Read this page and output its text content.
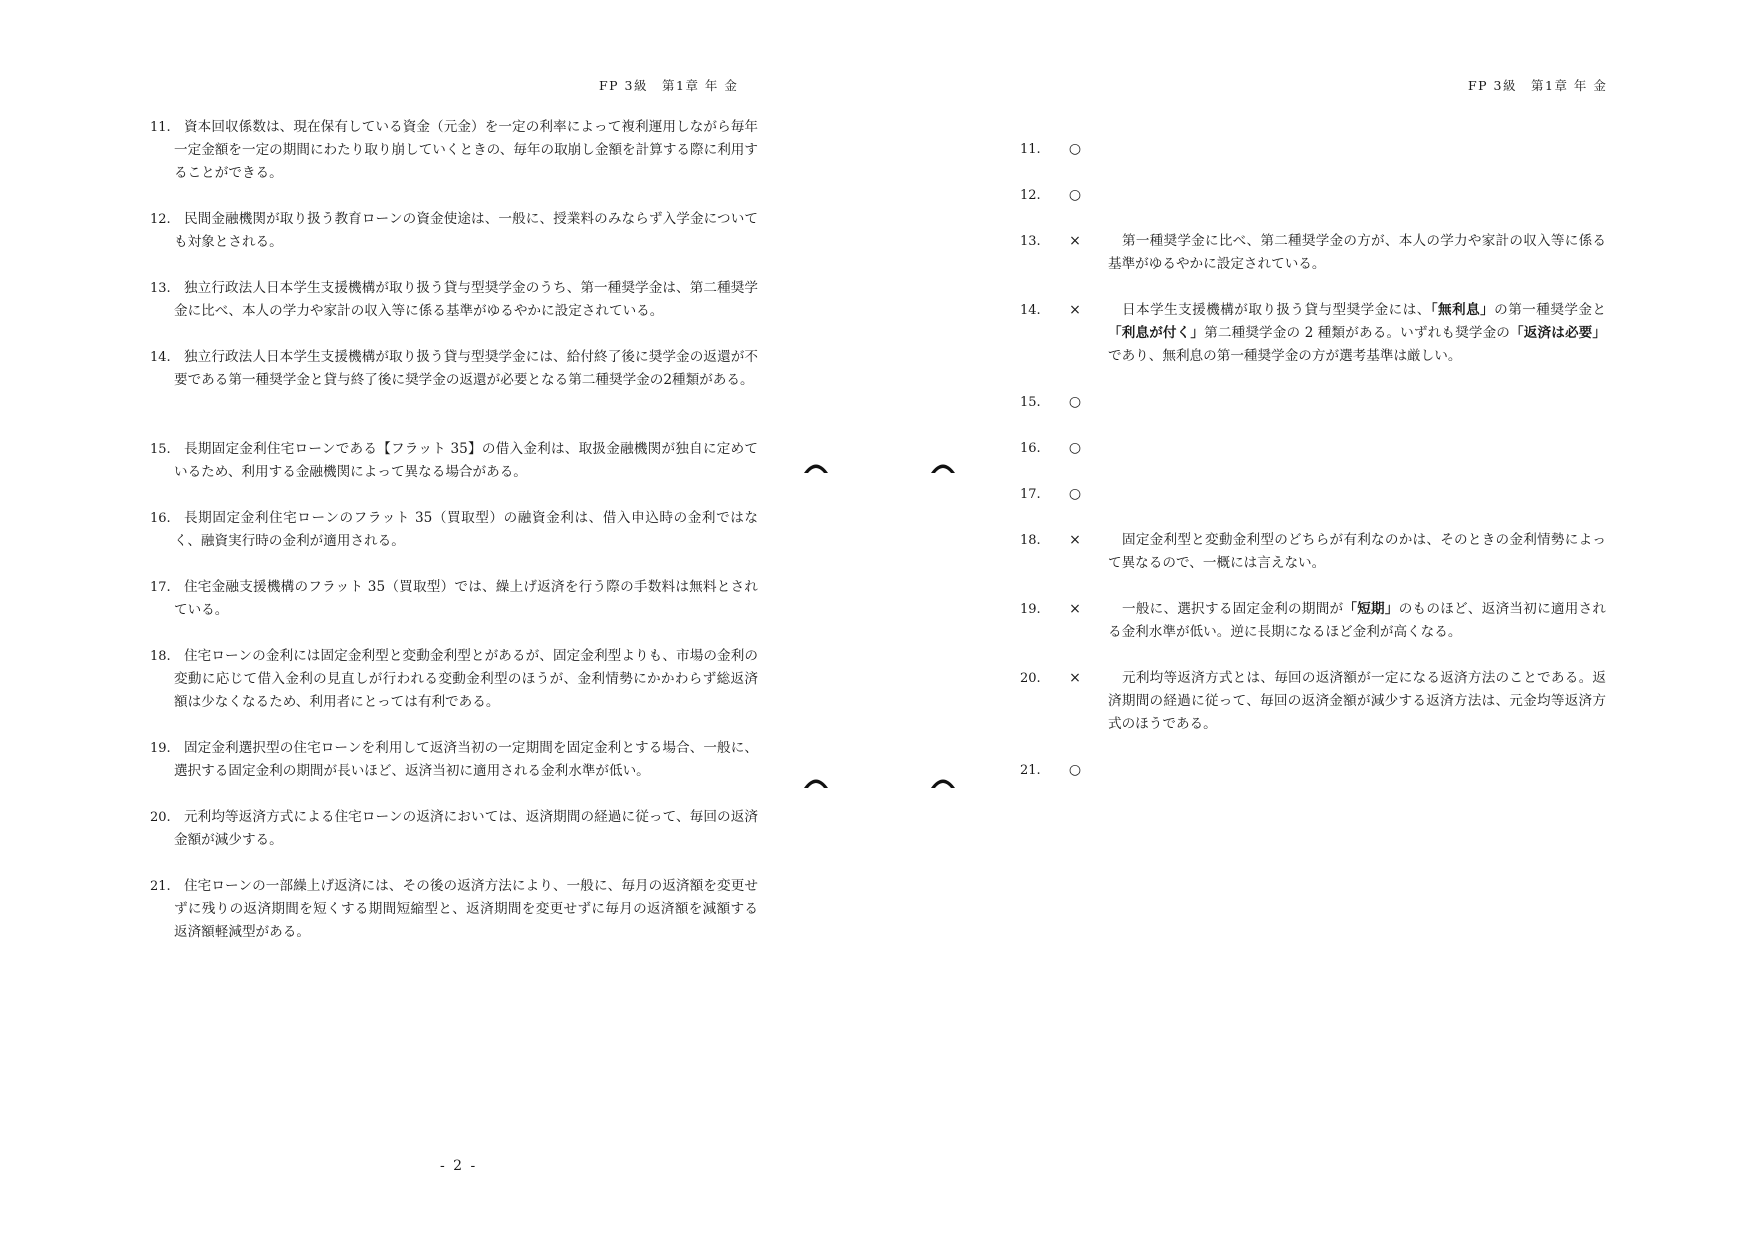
FP 3級　第1章 年 金
11. 資本回収係数は、現在保有している資金（元金）を一定の利率によって複利運用しながら毎年一定金額を一定の期間にわたり取り崩していくときの、毎年の取崩し金額を計算する際に利用することができる。
12. 民間金融機関が取り扱う教育ローンの資金使途は、一般に、授業料のみならず入学金についても対象とされる。
13. 独立行政法人日本学生支援機構が取り扱う貸与型奨学金のうち、第一種奨学金は、第二種奨学金に比べ、本人の学力や家計の収入等に係る基準がゆるやかに設定されている。
14. 独立行政法人日本学生支援機構が取り扱う貸与型奨学金には、給付終了後に奨学金の返還が不要である第一種奨学金と貸与終了後に奨学金の返還が必要となる第二種奨学金の2種類がある。
15. 長期固定金利住宅ローンである【フラット 35】の借入金利は、取扱金融機関が独自に定めているため、利用する金融機関によって異なる場合がある。
16. 長期固定金利住宅ローンのフラット 35（買取型）の融資金利は、借入申込時の金利ではなく、融資実行時の金利が適用される。
17. 住宅金融支援機構のフラット 35（買取型）では、繰上げ返済を行う際の手数料は無料とされている。
18. 住宅ローンの金利には固定金利型と変動金利型とがあるが、固定金利型よりも、市場の金利の変動に応じて借入金利の見直しが行われる変動金利型のほうが、金利情勢にかかわらず総返済額は少なくなるため、利用者にとっては有利である。
19. 固定金利選択型の住宅ローンを利用して返済当初の一定期間を固定金利とする場合、一般に、選択する固定金利の期間が長いほど、返済当初に適用される金利水準が低い。
20. 元利均等返済方式による住宅ローンの返済においては、返済期間の経過に従って、毎回の返済金額が減少する。
21. 住宅ローンの一部繰上げ返済には、その後の返済方法により、一般に、毎月の返済額を変更せずに残りの返済期間を短くする期間短縮型と、返済期間を変更せずに毎月の返済額を減額する返済額軽減型がある。
- 2 -
FP 3級　第1章 年 金
11. ○
12. ○
13. ×	第一種奨学金に比べ、第二種奨学金の方が、本人の学力や家計の収入等に係る基準がゆるやかに設定されている。
14. ×	日本学生支援機構が取り扱う貸与型奨学金には、「無利息」の第一種奨学金と「利息が付く」第二種奨学金の 2 種類がある。いずれも奨学金の「返済は必要」であり、無利息の第一種奨学金の方が選考基準は厳しい。
15. ○
16. ○
17. ○
18. ×	固定金利型と変動金利型のどちらが有利なのかは、そのときの金利情勢によって異なるので、一概には言えない。
19. ×	一般に、選択する固定金利の期間が「短期」のものほど、返済当初に適用される金利水準が低い。逆に長期になるほど金利が高くなる。
20. ×	元利均等返済方式とは、毎回の返済額が一定になる返済方法のことである。返済期間の経過に従って、毎回の返済金額が減少する返済方法は、元金均等返済方式のほうである。
21. ○
